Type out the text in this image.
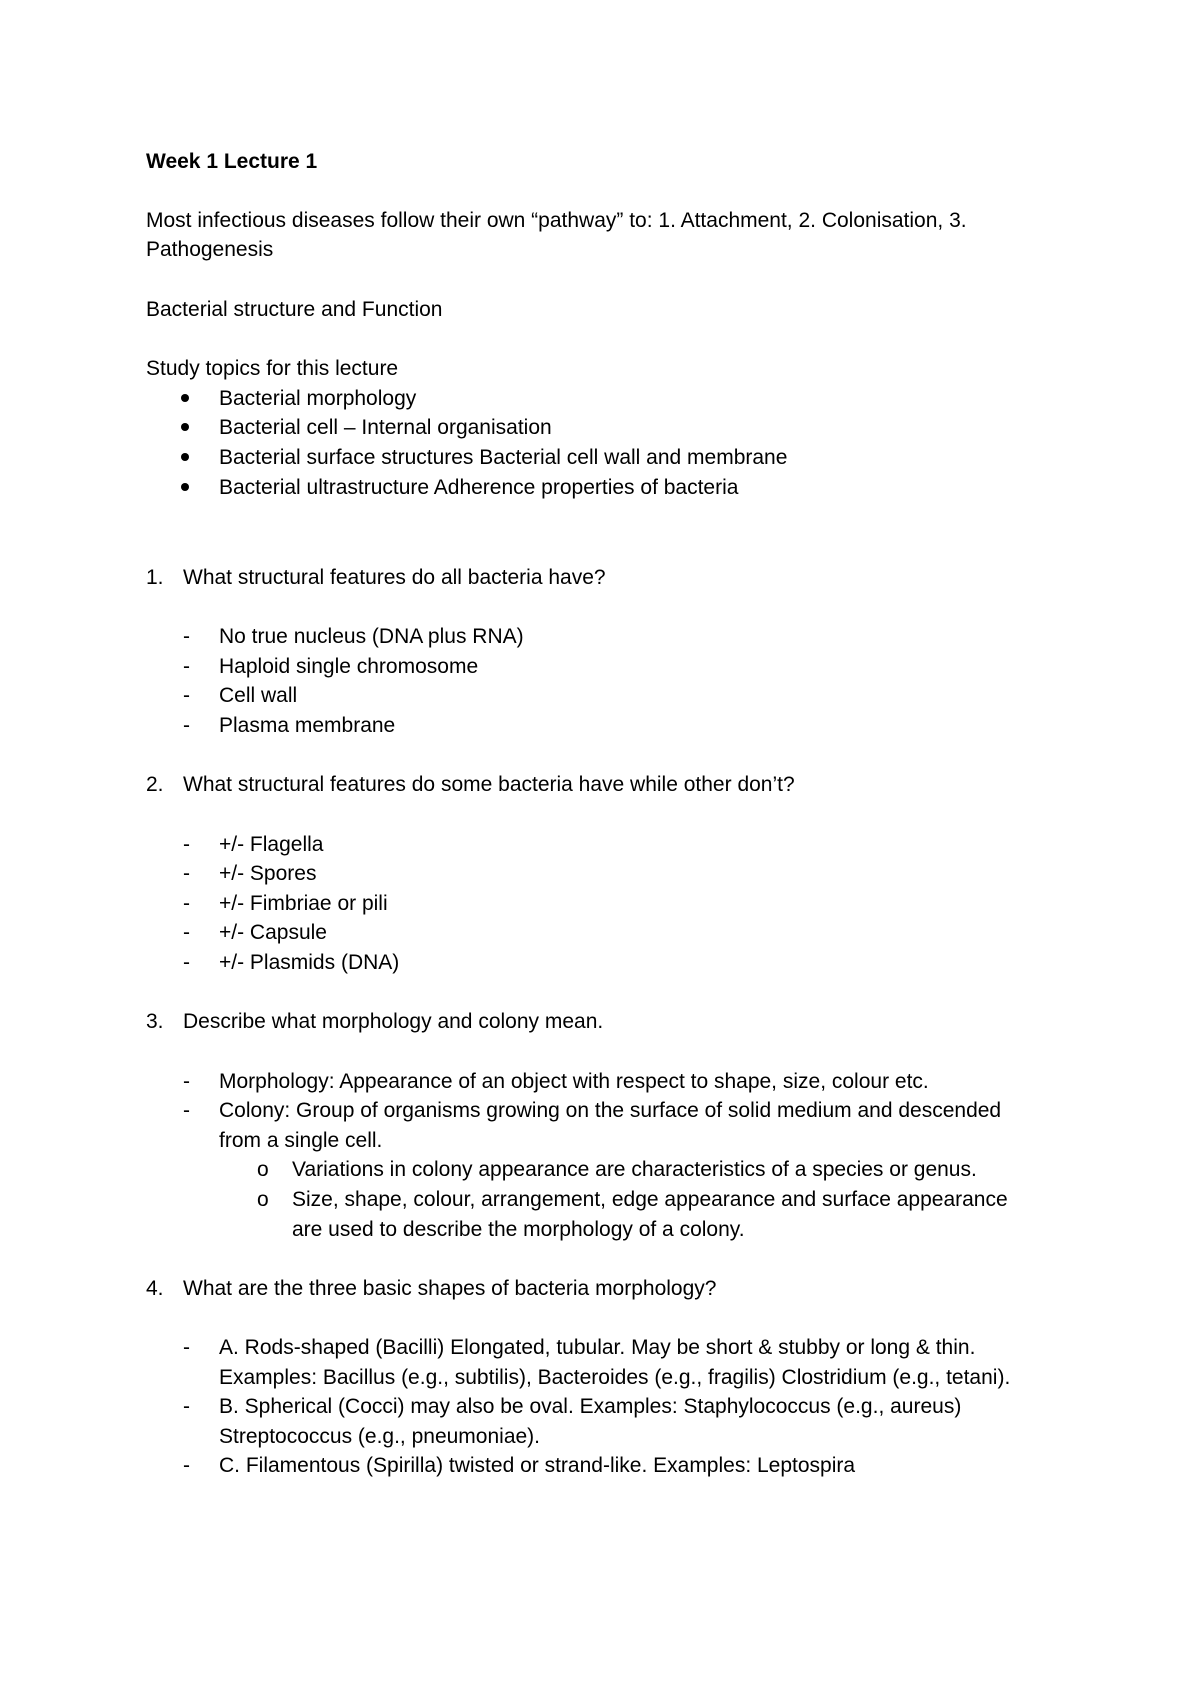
Week 1 Lecture 1
Most infectious diseases follow their own “pathway” to: 1. Attachment, 2. Colonisation, 3.
Pathogenesis
Bacterial structure and Function
Study topics for this lecture
Bacterial morphology
Bacterial cell – Internal organisation
Bacterial surface structures Bacterial cell wall and membrane
Bacterial ultrastructure Adherence properties of bacteria
1. What structural features do all bacteria have?
- No true nucleus (DNA plus RNA)
- Haploid single chromosome
- Cell wall
- Plasma membrane
2. What structural features do some bacteria have while other don’t?
- +/- Flagella
- +/- Spores
- +/- Fimbriae or pili
- +/- Capsule
- +/- Plasmids (DNA)
3. Describe what morphology and colony mean.
- Morphology: Appearance of an object with respect to shape, size, colour etc.
- Colony: Group of organisms growing on the surface of solid medium and descended
from a single cell.
o Variations in colony appearance are characteristics of a species or genus.
o Size, shape, colour, arrangement, edge appearance and surface appearance
are used to describe the morphology of a colony.
4. What are the three basic shapes of bacteria morphology?
- A. Rods-shaped (Bacilli) Elongated, tubular. May be short & stubby or long & thin.
Examples: Bacillus (e.g., subtilis), Bacteroides (e.g., fragilis) Clostridium (e.g., tetani).
- B. Spherical (Cocci) may also be oval. Examples: Staphylococcus (e.g., aureus)
Streptococcus (e.g., pneumoniae).
- C. Filamentous (Spirilla) twisted or strand-like. Examples: Leptospira
